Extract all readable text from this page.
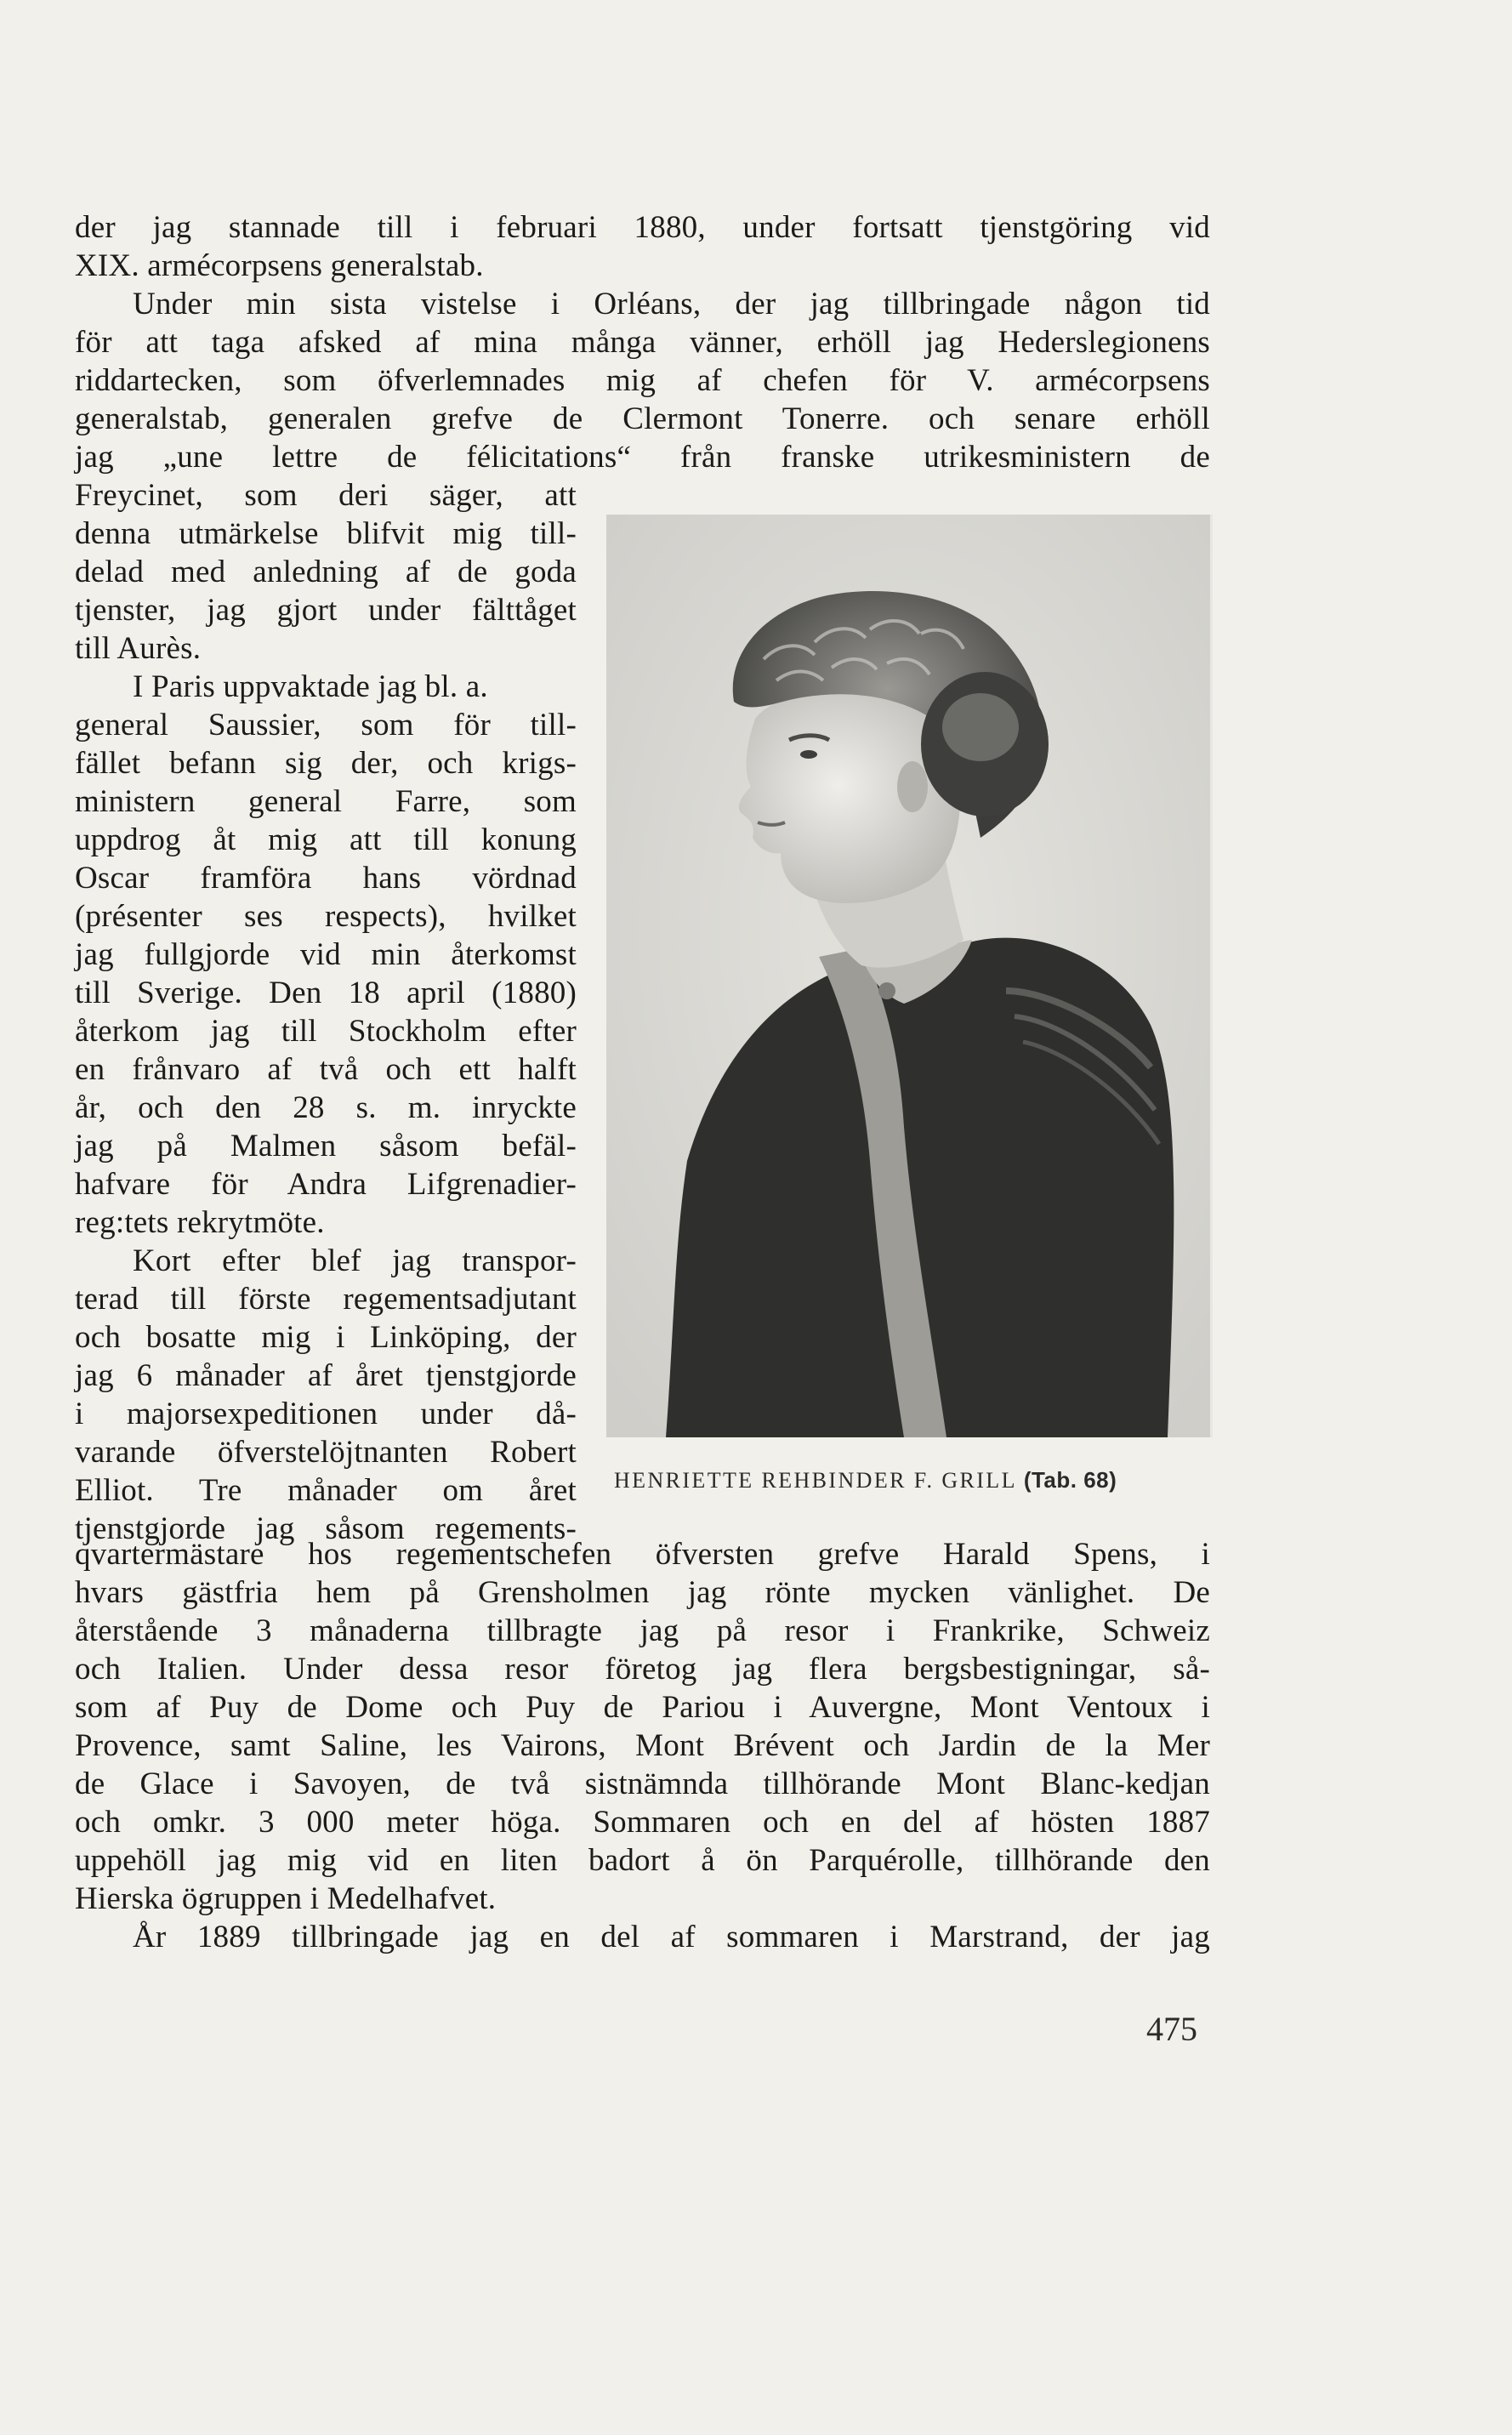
der jag stannade till i februari 1880, under fortsatt tjenstgöring vid
XIX. armécorpsens generalstab.
Under min sista vistelse i Orléans, der jag tillbringade någon tid
för att taga afsked af mina många vänner, erhöll jag Hederslegionens
riddartecken, som öfverlemnades mig af chefen för V. armécorpsens
generalstab, generalen grefve de Clermont Tonerre. och senare erhöll
jag „une lettre de félicitations“ från franske utrikesministern de
Freycinet, som deri säger, att
denna utmärkelse blifvit mig till-
delad med anledning af de goda
tjenster, jag gjort under fälttåget
till Aurès.
I Paris uppvaktade jag bl. a.
general Saussier, som för till-
fället befann sig der, och krigs-
ministern general Farre, som
uppdrog åt mig att till konung
Oscar framföra hans vördnad
(présenter ses respects), hvilket
jag fullgjorde vid min återkomst
till Sverige. Den 18 april (1880)
återkom jag till Stockholm efter
en frånvaro af två och ett halft
år, och den 28 s. m. inryckte
jag på Malmen såsom befäl-
hafvare för Andra Lifgrenadier-
reg:tets rekrytmöte.
Kort efter blef jag transpor-
terad till förste regementsadjutant
och bosatte mig i Linköping, der
jag 6 månader af året tjenstgjorde
i majorsexpeditionen under då-
varande öfverstelöjtnanten Robert
Elliot. Tre månader om året
tjenstgjorde jag såsom regements-
qvartermästare hos regementschefen öfversten grefve Harald Spens, i
hvars gästfria hem på Grensholmen jag rönte mycken vänlighet. De
återstående 3 månaderna tillbragte jag på resor i Frankrike, Schweiz
och Italien. Under dessa resor företog jag flera bergsbestigningar, så-
som af Puy de Dome och Puy de Pariou i Auvergne, Mont Ventoux i
Provence, samt Saline, les Vairons, Mont Brévent och Jardin de la Mer
de Glace i Savoyen, de två sistnämnda tillhörande Mont Blanc-kedjan
och omkr. 3 000 meter höga. Sommaren och en del af hösten 1887
uppehöll jag mig vid en liten badort å ön Parquérolle, tillhörande den
Hierska ögruppen i Medelhafvet.
År 1889 tillbringade jag en del af sommaren i Marstrand, der jag
HENRIETTE REHBINDER F. GRILL (Tab. 68)
475
